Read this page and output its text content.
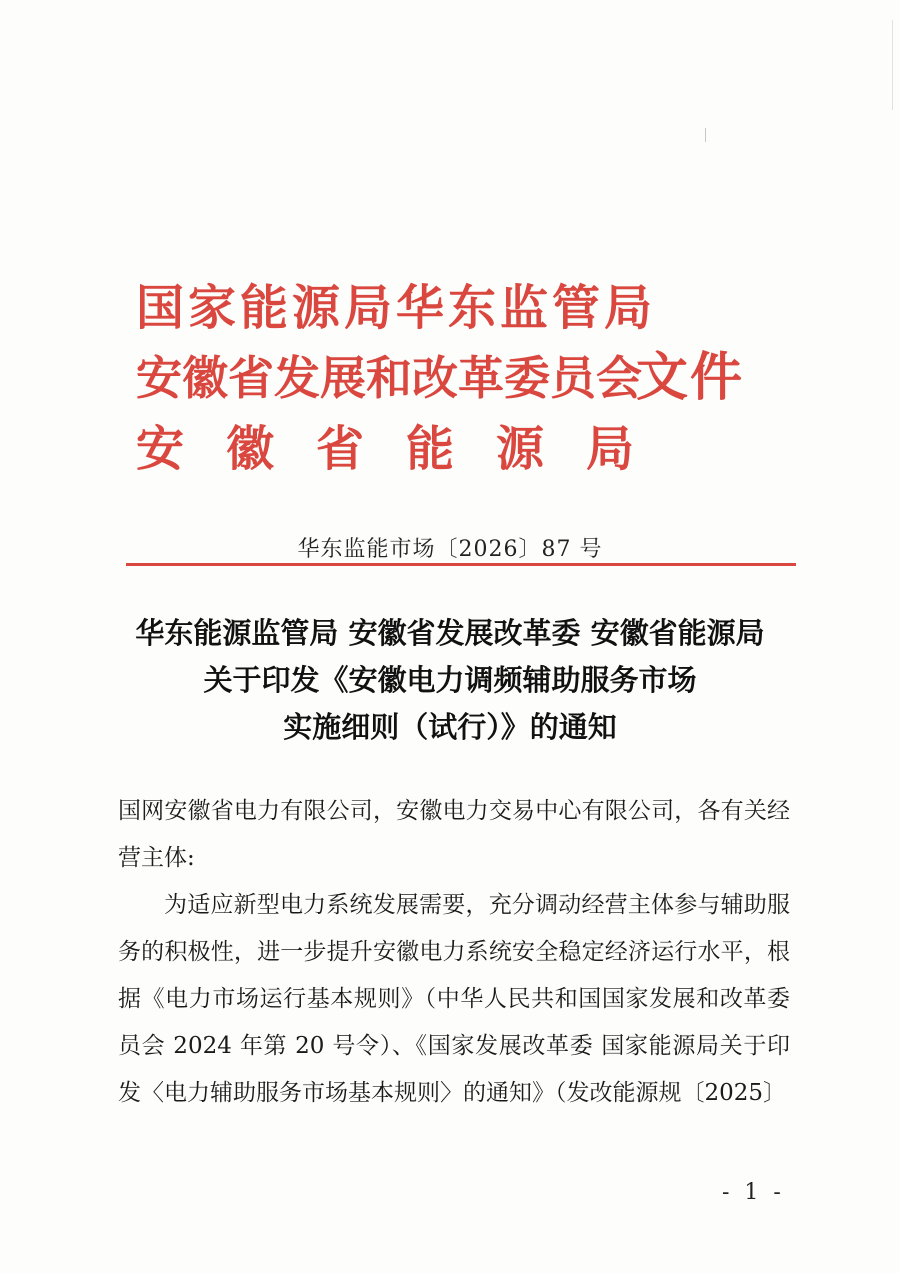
国家能源局华东监管局
安徽省发展和改革委员会
文件
安徽省能源局
华东监能市场〔2026〕87 号
华东能源监管局 安徽省发展改革委 安徽省能源局
关于印发《安徽电力调频辅助服务市场
实施细则（试行）》的通知

国网安徽省电力有限公司，安徽电力交易中心有限公司，各有关经营主体:

为适应新型电力系统发展需要，充分调动经营主体参与辅助服务的积极性，进一步提升安徽电力系统安全稳定经济运行水平，根据《电力市场运行基本规则》（中华人民共和国国家发展和改革委员会 2024 年第 20 号令）、《国家发展改革委 国家能源局关于印发〈电力辅助服务市场基本规则〉的通知》（发改能源规〔2025〕

- 1 -
